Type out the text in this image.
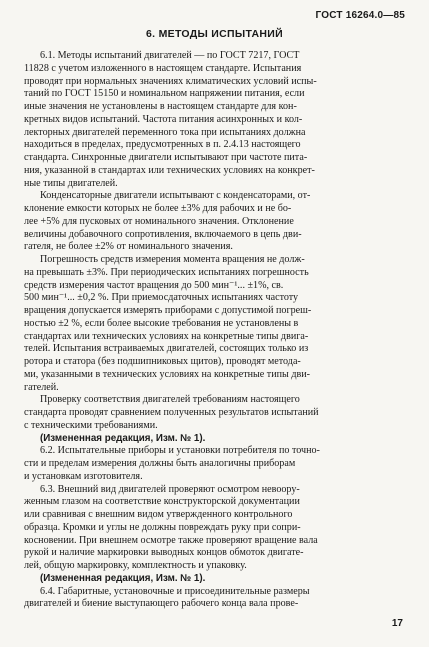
ГОСТ 16264.0—85
6. МЕТОДЫ ИСПЫТАНИЙ
6.1. Методы испытаний двигателей — по ГОСТ 7217, ГОСТ
11828 с учетом изложенного в настоящем стандарте. Испытания
проводят при нормальных значениях климатических условий испы-
таний по ГОСТ 15150 и номинальном напряжении питания, если
иные значения не установлены в настоящем стандарте для кон-
кретных видов испытаний. Частота питания асинхронных и кол-
лекторных двигателей переменного тока при испытаниях должна
находиться в пределах, предусмотренных в п. 2.4.13 настоящего
стандарта. Синхронные двигатели испытывают при частоте пита-
ния, указанной в стандартах или технических условиях на конкрет-
ные типы двигателей.
Конденсаторные двигатели испытывают с конденсаторами, от-
клонение емкости которых не более ±3% для рабочих и не бо-
лее +5% для пусковых от номинального значения. Отклонение
величины добавочного сопротивления, включаемого в цепь дви-
гателя, не более ±2% от номинального значения.
Погрешность средств измерения момента вращения не долж-
на превышать ±3%. При периодических испытаниях погрешность
средств измерения частот вращения до 500 мин⁻¹... ±1%, св.
500 мин⁻¹... ±0,2 %. При приемосдаточных испытаниях частоту
вращения допускается измерять приборами с допустимой погреш-
ностью ±2 %, если более высокие требования не установлены в
стандартах или технических условиях на конкретные типы двига-
телей. Испытания встраиваемых двигателей, состоящих только из
ротора и статора (без подшипниковых щитов), проводят метода-
ми, указанными в технических условиях на конкретные типы дви-
гателей.
Проверку соответствия двигателей требованиям настоящего
стандарта проводят сравнением полученных результатов испытаний
с техническими требованиями.
(Измененная редакция, Изм. № 1).
6.2. Испытательные приборы и установки потребителя по точно-
сти и пределам измерения должны быть аналогичны приборам
и установкам изготовителя.
6.3. Внешний вид двигателей проверяют осмотром невоору-
женным глазом на соответствие конструкторской документации
или сравнивая с внешним видом утвержденного контрольного
образца. Кромки и углы не должны повреждать руку при сопри-
косновении. При внешнем осмотре также проверяют вращение вала
рукой и наличие маркировки выводных концов обмоток двигате-
лей, общую маркировку, комплектность и упаковку.
(Измененная редакция, Изм. № 1).
6.4. Габаритные, установочные и присоединительные размеры
двигателей и биение выступающего рабочего конца вала прове-
17
